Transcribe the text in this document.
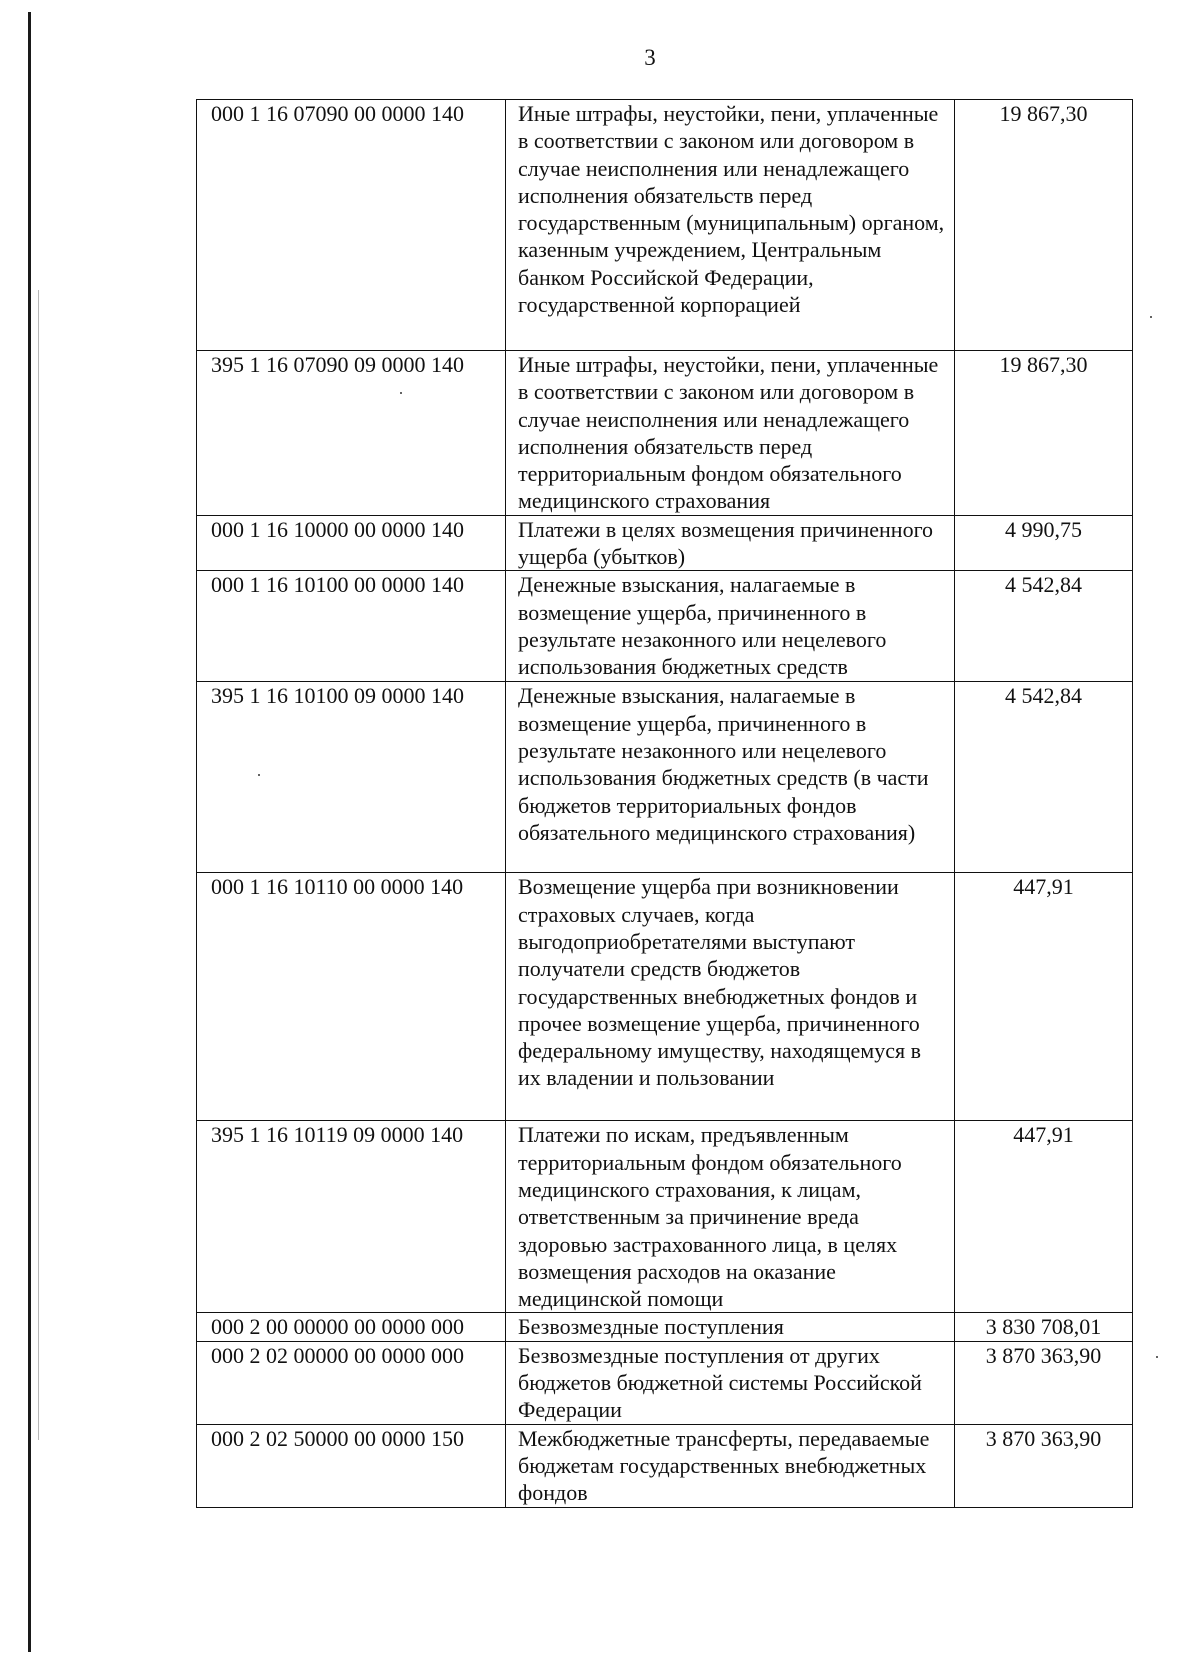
3
000 1 16 07090 00 0000 140	Иные штрафы, неустойки, пени, уплаченные в соответствии с законом или договором в случае неисполнения или ненадлежащего исполнения обязательств перед государственным (муниципальным) органом, казенным учреждением, Центральным банком Российской Федерации, государственной корпорацией	19 867,30
395 1 16 07090 09 0000 140	Иные штрафы, неустойки, пени, уплаченные в соответствии с законом или договором в случае неисполнения или ненадлежащего исполнения обязательств перед территориальным фондом обязательного медицинского страхования	19 867,30
000 1 16 10000 00 0000 140	Платежи в целях возмещения причиненного ущерба (убытков)	4 990,75
000 1 16 10100 00 0000 140	Денежные взыскания, налагаемые в возмещение ущерба, причиненного в результате незаконного или нецелевого использования бюджетных средств	4 542,84
395 1 16 10100 09 0000 140	Денежные взыскания, налагаемые в возмещение ущерба, причиненного в результате незаконного или нецелевого использования бюджетных средств (в части бюджетов территориальных фондов обязательного медицинского страхования)	4 542,84
000 1 16 10110 00 0000 140	Возмещение ущерба при возникновении страховых случаев, когда выгодоприобретателями выступают получатели средств бюджетов государственных внебюджетных фондов и прочее возмещение ущерба, причиненного федеральному имуществу, находящемуся в их владении и пользовании	447,91
395 1 16 10119 09 0000 140	Платежи по искам, предъявленным территориальным фондом обязательного медицинского страхования, к лицам, ответственным за причинение вреда здоровью застрахованного лица, в целях возмещения расходов на оказание медицинской помощи	447,91
000 2 00 00000 00 0000 000	Безвозмездные поступления	3 830 708,01
000 2 02 00000 00 0000 000	Безвозмездные поступления от других бюджетов бюджетной системы Российской Федерации	3 870 363,90
000 2 02 50000 00 0000 150	Межбюджетные трансферты, передаваемые бюджетам государственных внебюджетных фондов	3 870 363,90
